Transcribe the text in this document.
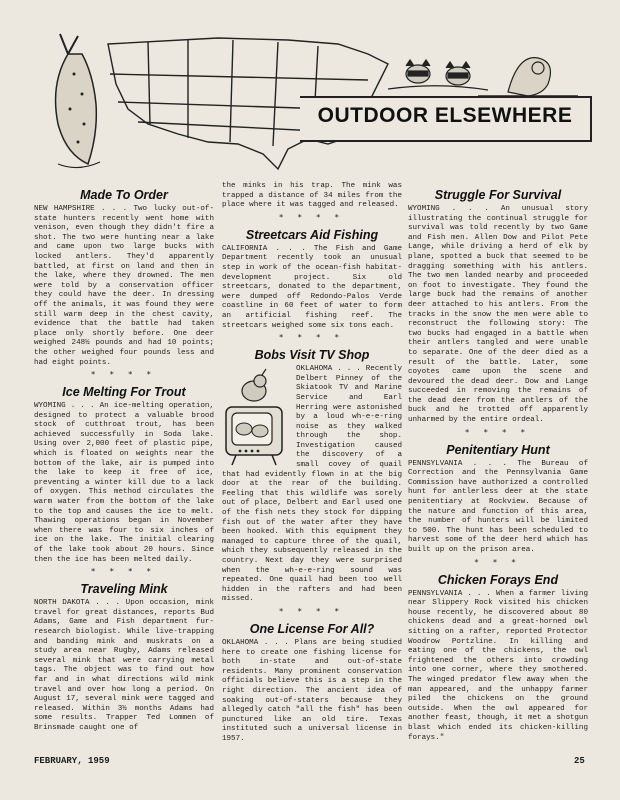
OUTDOOR ELSEWHERE
Made To Order

NEW HAMPSHIRE . . . Two lucky out-of-state hunters recently went home with venison, even though they didn't fire a shot. The two were hunting near a lake and came upon two large bucks with locked antlers. They'd apparently battled, at first on land and then in the lake, where they drowned. The men were told by a conservation officer they could have the deer. In dressing off the animals, it was found they were still warm deep in the chest cavity, evidence that the battle had taken place only shortly before. One deer weighed 248½ pounds and had 10 points; the other weighed four pounds less and had eight points.

* * * *
Ice Melting For Trout

WYOMING . . . An ice-melting operation, designed to protect a valuable brood stock of cutthroat trout, has been achieved successfully in Soda lake. Using over 2,000 feet of plastic pipe, which is floated on weights near the bottom of the lake, air is pumped into the lake to keep it free of ice, preventing a winter kill due to a lack of oxygen. This method circulates the warm water from the bottom of the lake to the top and causes the ice to melt. Thawing operations began in November when there was four to six inches of ice on the lake. The initial clearing of the lake took about 20 hours. Since then the ice has been melted daily.

* * * *
Traveling Mink

NORTH DAKOTA . . . Upon occasion, mink travel for great distances, reports Bud Adams, Game and Fish department fur-research biologist. While live-trapping and banding mink and muskrats on a study area near Rugby, Adams released several mink that were carrying metal tags. The object was to find out how far and in what directions wild mink travel and over how long a period. On August 17, several mink were tagged and released. Within 3½ months Adams had some results. Trapper Ted Lommen of Brinsmade caught one of

the minks in his trap. The mink was trapped a distance of 34 miles from the place where it was tagged and released.

* * * *
Streetcars Aid Fishing

CALIFORNIA . . . The Fish and Game Department recently took an unusual step in work of the ocean-fish habitat-development project. Six old streetcars, donated to the department, were dumped off Redondo-Palos Verde coastline in 60 feet of water to form an artificial fishing reef. The streetcars weighed some six tons each.

* * * *
Bobs Visit TV Shop

OKLAHOMA . . . Recently Delbert Pinney of the Skiatook TV and Marine Service and Earl Herring were astonished by a loud wh-e-e-ring noise as they walked through the shop. Investigation caused the discovery of a small covey of quail that had evidently flown in at the big door at the rear of the building. Feeling that this wildlife was sorely out of place, Delbert and Earl used one of the fish nets they stock for dipping fish out of the water after they have been hooked. With this equipment they managed to capture three of the quail, which they subsequently released in the country. Next day they were surprised when the wh-e-e-ring sound was repeated. One quail had been too well hidden in the rafters and had been missed.

* * * *
One License For All?

OKLAHOMA . . . Plans are being studied here to create one fishing license for both in-state and out-of-state residents. Many prominent conservation officials believe this is a step in the right direction. The ancient idea of soaking out-of-staters because they allegedly catch "all the fish" has been punctured like an old tire. Texas instituted such a universal license in 1957.

Struggle For Survival

WYOMING . . . An unusual story illustrating the continual struggle for survival was told recently by two Game and Fish men. Allen Dow and Pilot Pete Lange, while driving a herd of elk by plane, spotted a buck that seemed to be dragging something with his antlers. The two men landed nearby and proceeded on foot to investigate. They found the large buck had the remains of another deer attached to his antlers. From the tracks in the snow the men were able to reconstruct the following story: The two bucks had engaged in a battle when their antlers tangled and were unable to separate. One of the deer died as a result of the battle. Later, some coyotes came upon the scene and devoured the dead deer. Dow and Lange succeeded in removing the remains of the dead deer from the antlers of the buck and he trotted off apparently unharmed by the entire ordeal.

* * * *
Penitentiary Hunt

PENNSYLVANIA . . . The Bureau of Correction and the Pennsylvania Game Commission have authorized a controlled hunt for antlerless deer at the state penitentiary at Rockview. Because of the nature and function of this area, the number of hunters will be limited to 500. The hunt has been scheduled to harvest some of the deer herd which has built up on the prison area.

* * *
Chicken Forays End

PENNSYLVANIA . . . When a farmer living near Slippery Rock visited his chicken house recently, he discovered about 80 chickens dead and a great-horned owl sitting on a rafter, reported Protector Woodrow Portzline. In killing and eating one of the chickens, the owl frightened the others into crowding into one corner, where they smothered. The winged predator flew away when the man appeared, and the unhappy farmer piled the chickens on the ground outside. When the owl appeared for another feast, though, it met a shotgun blast which ended its chicken-killing forays."

FEBRUARY, 1959	25
